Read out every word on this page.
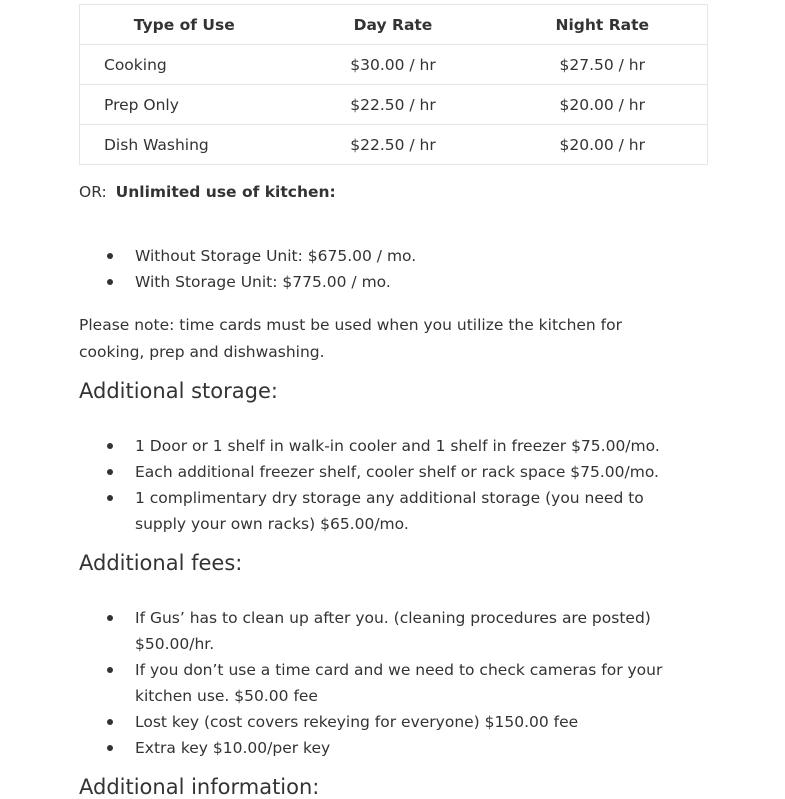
Type of Use	Day Rate	Night Rate
Cooking	$30.00 / hr	$27.50 / hr
Prep Only	$22.50 / hr	$20.00 / hr
Dish Washing	$22.50 / hr	$20.00 / hr
OR: Unlimited use of kitchen:
Without Storage Unit: $675.00 / mo.
With Storage Unit: $775.00 / mo.

Please note: time cards must be used when you utilize the kitchen for cooking, prep and dishwashing.

Additional storage:
1 Door or 1 shelf in walk-in cooler and 1 shelf in freezer $75.00/mo.
Each additional freezer shelf, cooler shelf or rack space $75.00/mo.
1 complimentary dry storage any additional storage (you need to supply your own racks) $65.00/mo.
Additional fees:
If Gus’ has to clean up after you. (cleaning procedures are posted) $50.00/hr.
If you don’t use a time card and we need to check cameras for your kitchen use. $50.00 fee
Lost key (cost covers rekeying for everyone) $150.00 fee
Extra key $10.00/per key
Additional information:
